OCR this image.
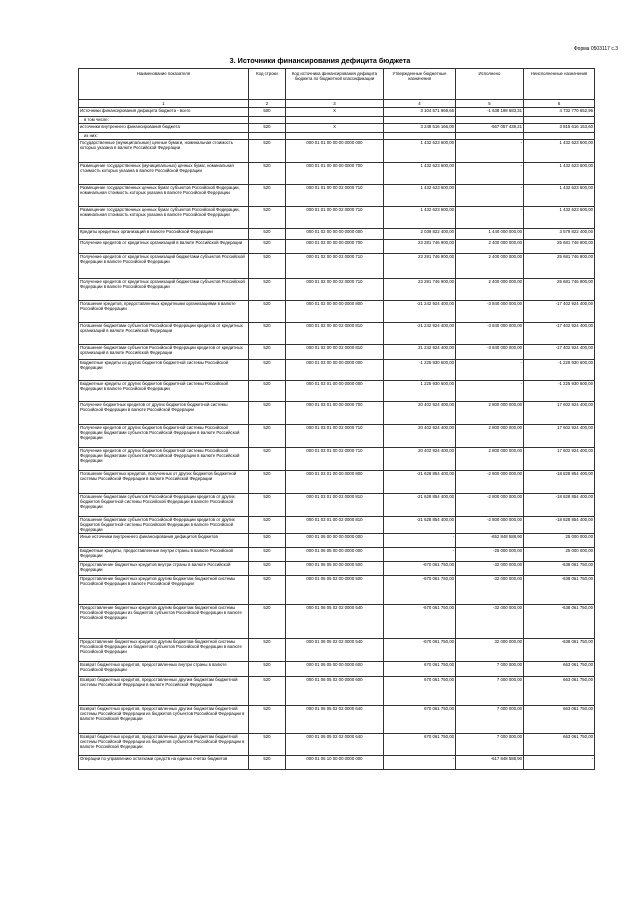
Форма 0503117 с.3
3. Источники финансирования дефицита бюджета
Наименование показателя	Код строки	Код источника финансирования дефицита бюджета по бюджетной классификации	Утвержденные бюджетные назначения	Исполнено	Неисполненные назначения
1	2	3	4	5	6
Источники финансирования дефицита бюджета - всего	500	X	3 104 571 969,65	-1 638 198 683,31	4 732 770 652,96
в том числе:					
источники внутреннего финансирования бюджета	520	X	3 248 516 166,00	-567 057 439,21	3 815 616 153,60
из них:					
Государственные (муниципальные) ценные бумаги, номинальная стоимость которых указана в валюте Российской Федерации	520	000 01 01 00 00 00 0000 000	1 432 623 600,00	-	1 432 623 600,00
Размещение государственных (муниципальных) ценных бумаг, номинальная стоимость которых указана в валюте Российской Федерации	520	000 01 01 00 00 00 0000 700	1 432 623 600,00	-	1 432 623 600,00
Размещение государственных ценных бумаг субъектов Российской Федерации, номинальная стоимость которых указана в валюте Российской Федерации	520	000 01 01 00 00 02 0000 710	1 432 623 600,00	-	1 432 623 600,00
Размещение государственных ценных бумаг субъектов Российской Федерации, номинальная стоимость которых указана в валюте Российской Федерации	520	000 01 01 00 00 02 0000 710	1 432 623 600,00	-	1 432 623 600,00
Кредиты кредитных организаций в валюте Российской Федерации	520	000 01 02 00 00 00 0000 000	2 039 822 400,00	1 440 000 000,00	3 579 822 400,00
Получение кредитов от кредитных организаций в валюте Российской Федерации	520	000 01 02 00 00 00 0000 700	23 281 746 900,00	2 400 000 000,00	25 681 746 900,00
Получение кредитов от кредитных организаций бюджетами субъектов Российской Федерации в валюте Российской Федерации	520	000 01 02 00 00 02 0000 710	23 281 746 900,00	2 400 000 000,00	25 681 746 900,00
Получение кредитов от кредитных организаций бюджетами субъектов Российской Федерации в валюте Российской Федерации	520	000 01 02 00 00 02 0000 710	23 281 746 900,00	2 400 000 000,00	25 681 746 900,00
Погашение кредитов, предоставленных кредитными организациями в валюте Российской Федерации	520	000 01 02 00 00 00 0000 800	-21 242 924 400,00	-3 840 000 000,00	-17 402 924 400,00
Погашение бюджетами субъектов Российской Федерации кредитов от кредитных организаций в валюте Российской Федерации	520	000 01 02 00 00 02 0000 810	-21 242 924 400,00	-3 840 000 000,00	-17 402 924 400,00
Погашение бюджетами субъектов Российской Федерации кредитов от кредитных организаций в валюте Российской Федерации	520	000 01 02 00 00 02 0000 810	21 242 924 400,00	-3 840 000 000,00	-17 402 924 400,00
Бюджетные кредиты из других бюджетов бюджетной системы Российской Федерации	520	000 01 03 00 00 00 0000 000	-1 225 930 600,00	-	-1 225 930 600,00
Бюджетные кредиты от других бюджетов бюджетной системы Российской Федерации в валюте Российской Федерации	520	000 01 03 01 00 00 0000 000	1 225 930 600,00	-	-1 225 930 600,00
Получение бюджетных кредитов от других бюджетов бюджетной системы Российской Федерации в валюте Российской Федерации	520	000 01 03 01 00 00 0000 700	20 402 924 400,00	2 800 000 000,00	17 602 924 400,00
Получение кредитов от других бюджетов бюджетной системы Российской Федерации бюджетами субъектов Российской Федерации в валюте Российской Федерации	520	000 01 03 01 00 02 0000 710	20 402 924 400,00	2 800 000 000,00	17 602 924 400,00
Получение кредитов от других бюджетов бюджетной системы Российской Федерации бюджетами субъектов Российской Федерации в валюте Российской Федерации	520	000 01 03 01 00 02 0000 710	20 402 924 400,00	2 800 000 000,00	17 602 924 400,00
Погашение бюджетных кредитов, полученных от других бюджетов бюджетной системы Российской Федерации в валюте Российской Федерации	520	000 01 03 01 00 00 0000 800	-21 628 854 400,00	-2 800 000 000,00	-18 828 854 400,00
Погашение бюджетами субъектов Российской Федерации кредитов от других бюджетов бюджетной системы Российской Федерации в валюте Российской Федерации	520	000 01 03 01 00 02 0000 810	-21 628 854 400,00	-2 800 000 000,00	-18 828 854 400,00
Погашение бюджетами субъектов Российской Федерации кредитов от других бюджетов бюджетной системы Российской Федерации в валюте Российской Федерации	520	000 01 03 01 00 02 0000 810	-21 628 854 400,00	-2 800 000 000,00	-18 828 854 400,00
Иные источники внутреннего финансирования дефицитов бюджетов	520	000 01 06 00 00 00 0000 000	-	-652 848 588,90	25 000 000,00
Бюджетные кредиты, предоставленные внутри страны в валюте Российской Федерации	520	000 01 06 05 00 00 0000 000	-	-25 000 000,00	25 000 000,00
Предоставление бюджетных кредитов внутри страны в валюте Российской Федерации	520	000 01 06 05 00 00 0000 500	-670 061 750,00	-32 000 000,00	-638 061 750,00
Предоставление бюджетных кредитов другим бюджетам бюджетной системы Российской Федерации в валюте Российской Федерации	520	000 01 06 05 02 00 0000 500	-670 061 750,00	-32 000 000,00	-638 061 750,00
Предоставление бюджетных кредитов другим бюджетам бюджетной системы Российской Федерации из бюджетов субъектов Российской Федерации в валюте Российской Федерации	520	000 01 06 05 02 02 0000 540	-670 061 750,00	-32 000 000,00	-638 061 750,00
Предоставление бюджетных кредитов другим бюджетам бюджетной системы Российской Федерации из бюджетов субъектов Российской Федерации в валюте Российской Федерации	520	000 01 06 05 02 02 0000 540	-670 061 750,00	32 000 000,00	-638 061 750,00
Возврат бюджетных кредитов, предоставленных внутри страны в валюте Российской Федерации	520	000 01 06 05 00 00 0000 600	670 061 750,00	7 000 000,00	663 061 750,00
Возврат бюджетных кредитов, предоставленных другим бюджетам бюджетной системы Российской Федерации в валюте Российской Федерации	520	000 01 06 05 02 00 0000 600	670 061 750,00	7 000 000,00	663 061 750,00
Возврат бюджетных кредитов, предоставленных другим бюджетам бюджетной системы Российской Федерации из бюджетов субъектов Российской Федерации в валюте Российской Федерации	520	000 01 06 05 02 02 0000 640	670 061 750,00	7 000 000,00	663 061 750,00
Возврат бюджетных кредитов, предоставленных другим бюджетам бюджетной системы Российской Федерации из бюджетов субъектов Российской Федерации в валюте Российской Федерации	520	000 01 06 05 02 02 0000 640	670 061 750,00	7 000 000,00	663 061 750,00
Операции по управлению остатками средств на единых счетах бюджетов	520	000 01 06 10 00 00 0000 000	-	-617 848 588,90	-
